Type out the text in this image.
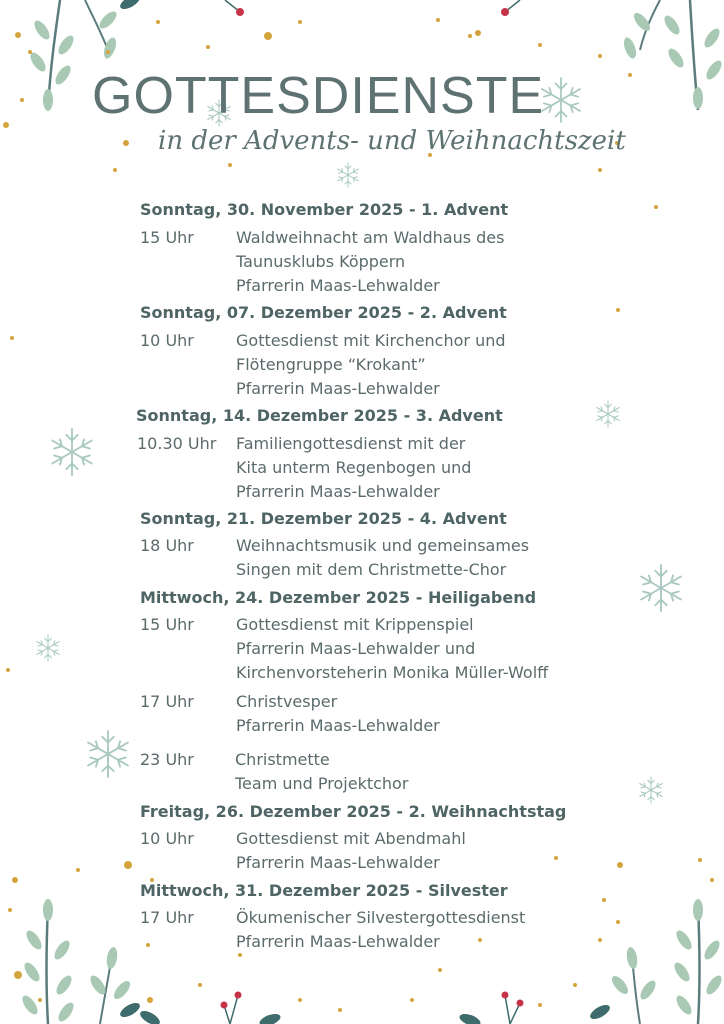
GOTTESDIENSTE
in der Advents- und Weihnachtszeit
Sonntag, 30. November 2025 - 1. Advent
15 Uhr	Waldweihnacht am Waldhaus des
Taunusklubs Köppern
Pfarrerin Maas-Lehwalder
Sonntag, 07. Dezember 2025 - 2. Advent
10 Uhr	Gottesdienst mit Kirchenchor und
Flötengruppe “Krokant”
Pfarrerin Maas-Lehwalder
Sonntag, 14. Dezember 2025 - 3. Advent
10.30 Uhr Familiengottesdienst mit der
Kita unterm Regenbogen und
Pfarrerin Maas-Lehwalder
Sonntag, 21. Dezember 2025 - 4. Advent
18 Uhr	Weihnachtsmusik und gemeinsames
Singen mit dem Christmette-Chor
Mittwoch, 24. Dezember 2025 - Heiligabend
15 Uhr	Gottesdienst mit Krippenspiel
Pfarrerin Maas-Lehwalder und
Kirchenvorsteherin Monika Müller-Wolff
17 Uhr	Christvesper
Pfarrerin Maas-Lehwalder
23 Uhr	Christmette
Team und Projektchor
Freitag, 26. Dezember 2025 - 2. Weihnachtstag
10 Uhr	Gottesdienst mit Abendmahl
Pfarrerin Maas-Lehwalder
Mittwoch, 31. Dezember 2025 - Silvester
17 Uhr	Ökumenischer Silvestergottesdienst
Pfarrerin Maas-Lehwalder
